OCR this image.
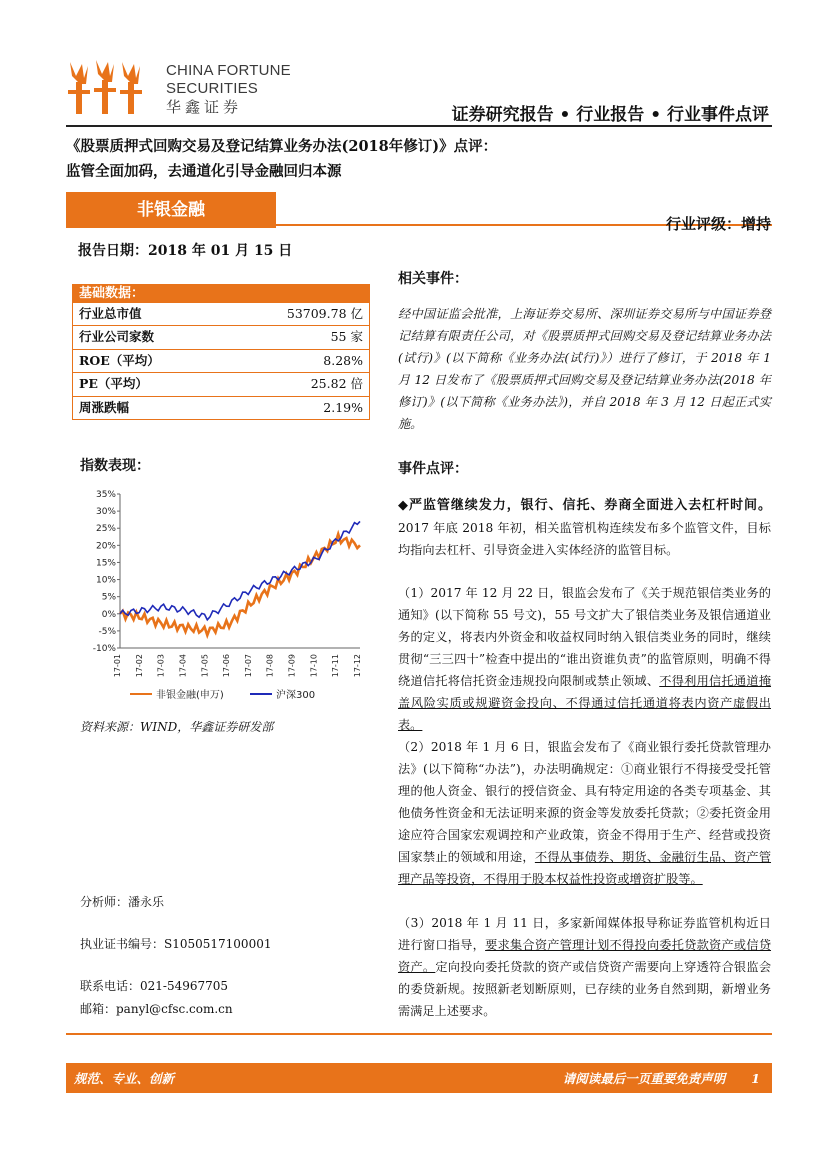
CHINA FORTUNE
SECURITIES
华鑫证券	证券研究报告 • 行业报告 • 行业事件点评
《股票质押式回购交易及登记结算业务办法(2018年修订)》点评：
监管全面加码，去通道化引导金融回归本源
非银金融
行业评级：增持
报告日期：2018 年 01 月 15 日
基础数据：
行业总市值	53709.78 亿
行业公司家数	55 家
ROE（平均）	8.28%
PE（平均）	25.82 倍
周涨跌幅	2.19%
指数表现：
35%
30%
25%
20%
15%
10%
5%
0%
-5%
-10%
17-01 17-02 17-03 17-04 17-05 17-06 17-07 17-08 17-09 17-10 17-11 17-12
非银金融(申万)	沪深300
资料来源：WIND，华鑫证券研发部
分析师：潘永乐
执业证书编号：S1050517100001
联系电话：021-54967705
邮箱：panyl@cfsc.com.cn
相关事件：
经中国证监会批准，上海证券交易所、深圳证券交易所与中国证券登记结算有限责任公司，对《股票质押式回购交易及登记结算业务办法(试行)》(以下简称《业务办法(试行)》）进行了修订，于 2018 年 1 月 12 日发布了《股票质押式回购交易及登记结算业务办法(2018 年修订)》(以下简称《业务办法》)，并自 2018 年 3 月 12 日起正式实施。
事件点评：
◆严监管继续发力，银行、信托、券商全面进入去杠杆时间。2017 年底 2018 年初，相关监管机构连续发布多个监管文件，目标均指向去杠杆、引导资金进入实体经济的监管目标。
（1）2017 年 12 月 22 日，银监会发布了《关于规范银信类业务的通知》(以下简称 55 号文)，55 号文扩大了银信类业务及银信通道业务的定义，将表内外资金和收益权同时纳入银信类业务的同时，继续贯彻“三三四十”检查中提出的“谁出资谁负责”的监管原则，明确不得绕道信托将信托资金违规投向限制或禁止领域、不得利用信托通道掩盖风险实质或规避资金投向、不得通过信托通道将表内资产虚假出表。
（2）2018 年 1 月 6 日，银监会发布了《商业银行委托贷款管理办法》(以下简称“办法”)，办法明确规定：①商业银行不得接受受托管理的他人资金、银行的授信资金、具有特定用途的各类专项基金、其他债务性资金和无法证明来源的资金等发放委托贷款；②委托资金用途应符合国家宏观调控和产业政策，资金不得用于生产、经营或投资国家禁止的领域和用途，不得从事债券、期货、金融衍生品、资产管理产品等投资，不得用于股本权益性投资或增资扩股等。
（3）2018 年 1 月 11 日，多家新闻媒体报导称证券监管机构近日进行窗口指导，要求集合资产管理计划不得投向委托贷款资产或信贷资产。定向投向委托贷款的资产或信贷资产需要向上穿透符合银监会的委贷新规。按照新老划断原则，已存续的业务自然到期，新增业务需满足上述要求。
规范、专业、创新	请阅读最后一页重要免责声明 1
